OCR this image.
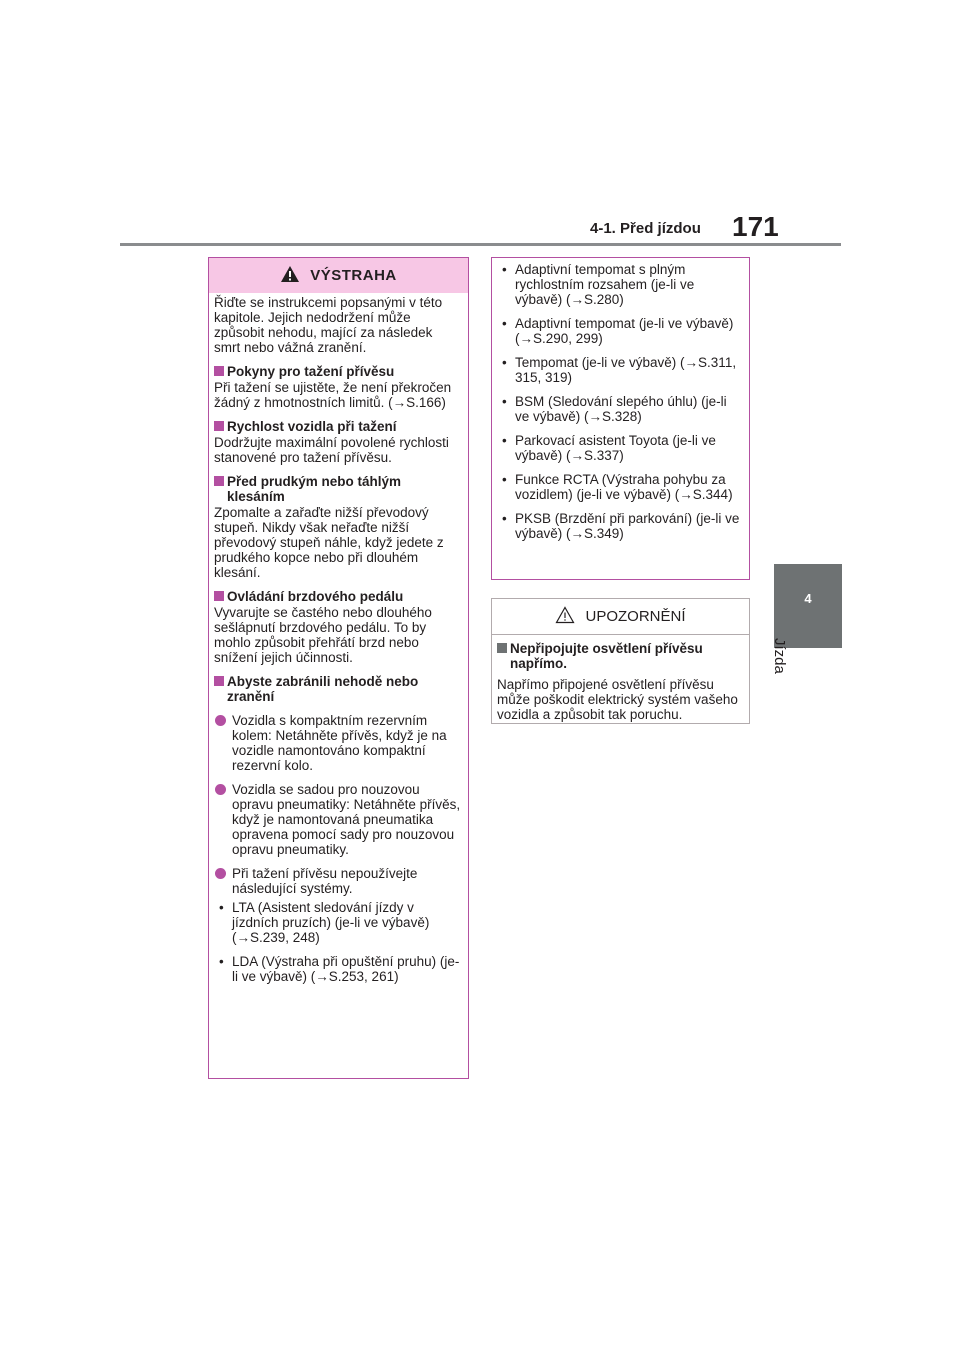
4-1. Před jízdou 171
4
Jízda
VÝSTRAHA
Řiďte se instrukcemi popsanými v této kapitole. Jejich nedodržení může způsobit nehodu, mající za následek smrt nebo vážná zranění.
Pokyny pro tažení přívěsu
Při tažení se ujistěte, že není překročen žádný z hmotnostních limitů. (→S.166)
Rychlost vozidla při tažení
Dodržujte maximální povolené rychlosti stanovené pro tažení přívěsu.
Před prudkým nebo táhlým klesáním
Zpomalte a zařaďte nižší převodový stupeň. Nikdy však neřaďte nižší převodový stupeň náhle, když jedete z prudkého kopce nebo při dlouhém klesání.
Ovládání brzdového pedálu
Vyvarujte se častého nebo dlouhého sešlápnutí brzdového pedálu. To by mohlo způsobit přehřátí brzd nebo snížení jejich účinnosti.
Abyste zabránili nehodě nebo zranění
Vozidla s kompaktním rezervním kolem: Netáhněte přívěs, když je na vozidle namontováno kompaktní rezervní kolo.
Vozidla se sadou pro nouzovou opravu pneumatiky: Netáhněte přívěs, když je namontovaná pneumatika opravena pomocí sady pro nouzovou opravu pneumatiky.
Při tažení přívěsu nepoužívejte následující systémy.
• LTA (Asistent sledování jízdy v jízdních pruzích) (je-li ve výbavě) (→S.239, 248)
• LDA (Výstraha při opuštění pruhu) (je-li ve výbavě) (→S.253, 261)
• Adaptivní tempomat s plným rychlostním rozsahem (je-li ve výbavě) (→S.280)
• Adaptivní tempomat (je-li ve výbavě) (→S.290, 299)
• Tempomat (je-li ve výbavě) (→S.311, 315, 319)
• BSM (Sledování slepého úhlu) (je-li ve výbavě) (→S.328)
• Parkovací asistent Toyota (je-li ve výbavě) (→S.337)
• Funkce RCTA (Výstraha pohybu za vozidlem) (je-li ve výbavě) (→S.344)
• PKSB (Brzdění při parkování) (je-li ve výbavě) (→S.349)
UPOZORNĚNÍ
Nepřipojujte osvětlení přívěsu napřímo.
Napřímo připojené osvětlení přívěsu může poškodit elektrický systém vašeho vozidla a způsobit tak poruchu.
